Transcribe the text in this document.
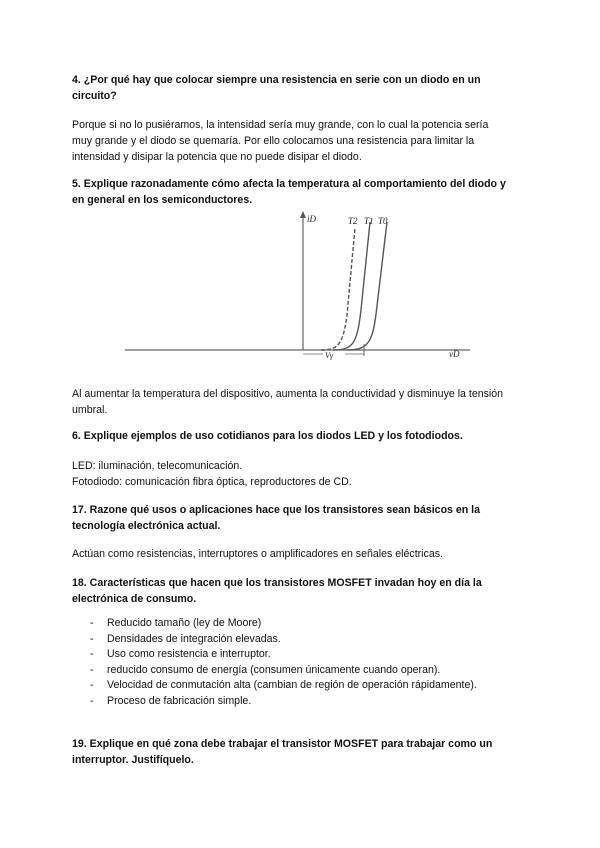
4. ¿Por qué hay que colocar siempre una resistencia en serie con un diodo en un
circuito?

Porque si no lo pusiéramos, la intensidad sería muy grande, con lo cual la potencia sería
muy grande y el diodo se quemaría. Por ello colocamos una resistencia para limitar la
intensidad y disipar la potencia que no puede disipar el diodo.

5. Explique razonadamente cómo afecta la temperatura al comportamiento del diodo y
en general en los semiconductores.

iD
vD
Vγ
T2 T1 T0

Al aumentar la temperatura del dispositivo, aumenta la conductividad y disminuye la tensión
umbral.

6. Explique ejemplos de uso cotidianos para los diodos LED y los fotodiodos.

LED: iluminación, telecomunicación.
Fotodiodo: comunicación fibra óptica, reproductores de CD.

17. Razone qué usos o aplicaciones hace que los transistores sean básicos en la
tecnología electrónica actual.

Actúan como resistencias, interruptores o amplificadores en señales eléctricas.

18. Características que hacen que los transistores MOSFET invadan hoy en día la
electrónica de consumo.

- Reducido tamaño (ley de Moore)
- Densidades de integración elevadas.
- Uso como resistencia e interruptor.
- reducido consumo de energía (consumen únicamente cuando operan).
- Velocidad de conmutación alta (cambian de región de operación rápidamente).
- Proceso de fabricación simple.

19. Explique en qué zona debe trabajar el transistor MOSFET para trabajar como un
interruptor. Justifíquelo.
